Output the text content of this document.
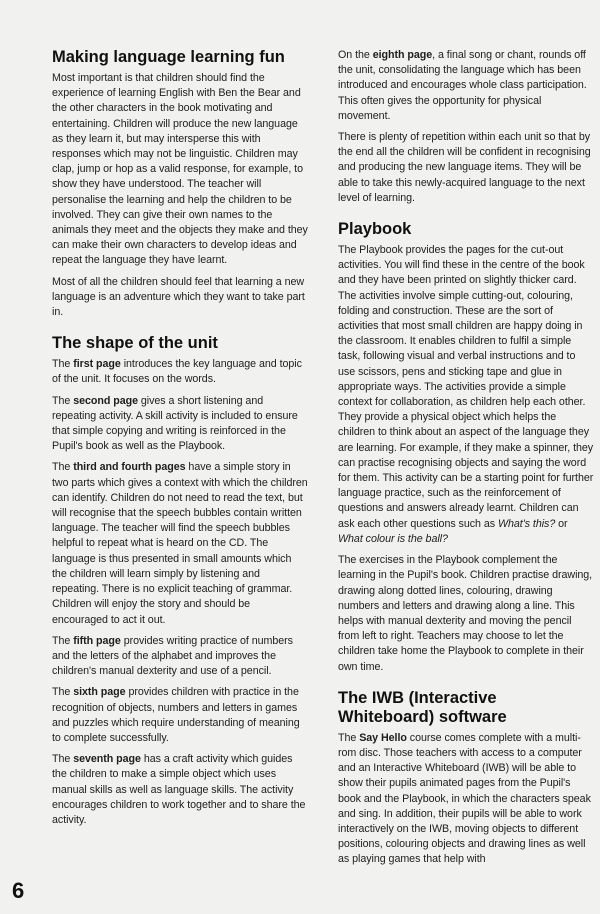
Making language learning fun

Most important is that children should find the experience of learning English with Ben the Bear and the other characters in the book motivating and entertaining. Children will produce the new language as they learn it, but may intersperse this with responses which may not be linguistic. Children may clap, jump or hop as a valid response, for example, to show they have understood. The teacher will personalise the learning and help the children to be involved. They can give their own names to the animals they meet and the objects they make and they can make their own characters to develop ideas and repeat the language they have learnt.

Most of all the children should feel that learning a new language is an adventure which they want to take part in.

The shape of the unit

The first page introduces the key language and topic of the unit. It focuses on the words.

The second page gives a short listening and repeating activity. A skill activity is included to ensure that simple copying and writing is reinforced in the Pupil's book as well as the Playbook.

The third and fourth pages have a simple story in two parts which gives a context with which the children can identify. Children do not need to read the text, but will recognise that the speech bubbles contain written language. The teacher will find the speech bubbles helpful to repeat what is heard on the CD. The language is thus presented in small amounts which the children will learn simply by listening and repeating. There is no explicit teaching of grammar. Children will enjoy the story and should be encouraged to act it out.

The fifth page provides writing practice of numbers and the letters of the alphabet and improves the children's manual dexterity and use of a pencil.

The sixth page provides children with practice in the recognition of objects, numbers and letters in games and puzzles which require understanding of meaning to complete successfully.

The seventh page has a craft activity which guides the children to make a simple object which uses manual skills as well as language skills. The activity encourages children to work together and to share the activity.

On the eighth page, a final song or chant, rounds off the unit, consolidating the language which has been introduced and encourages whole class participation. This often gives the opportunity for physical movement.

There is plenty of repetition within each unit so that by the end all the children will be confident in recognising and producing the new language items. They will be able to take this newly-acquired language to the next level of learning.

Playbook

The Playbook provides the pages for the cut-out activities. You will find these in the centre of the book and they have been printed on slightly thicker card. The activities involve simple cutting-out, colouring, folding and construction. These are the sort of activities that most small children are happy doing in the classroom. It enables children to fulfil a simple task, following visual and verbal instructions and to use scissors, pens and sticking tape and glue in appropriate ways. The activities provide a simple context for collaboration, as children help each other. They provide a physical object which helps the children to think about an aspect of the language they are learning. For example, if they make a spinner, they can practise recognising objects and saying the word for them. This activity can be a starting point for further language practice, such as the reinforcement of questions and answers already learnt. Children can ask each other questions such as What's this? or What colour is the ball?

The exercises in the Playbook complement the learning in the Pupil's book. Children practise drawing, drawing along dotted lines, colouring, drawing numbers and letters and drawing along a line. This helps with manual dexterity and moving the pencil from left to right. Teachers may choose to let the children take home the Playbook to complete in their own time.

The IWB (Interactive Whiteboard) software

The Say Hello course comes complete with a multi-rom disc. Those teachers with access to a computer and an Interactive Whiteboard (IWB) will be able to show their pupils animated pages from the Pupil's book and the Playbook, in which the characters speak and sing. In addition, their pupils will be able to work interactively on the IWB, moving objects to different positions, colouring objects and drawing lines as well as playing games that help with

6
